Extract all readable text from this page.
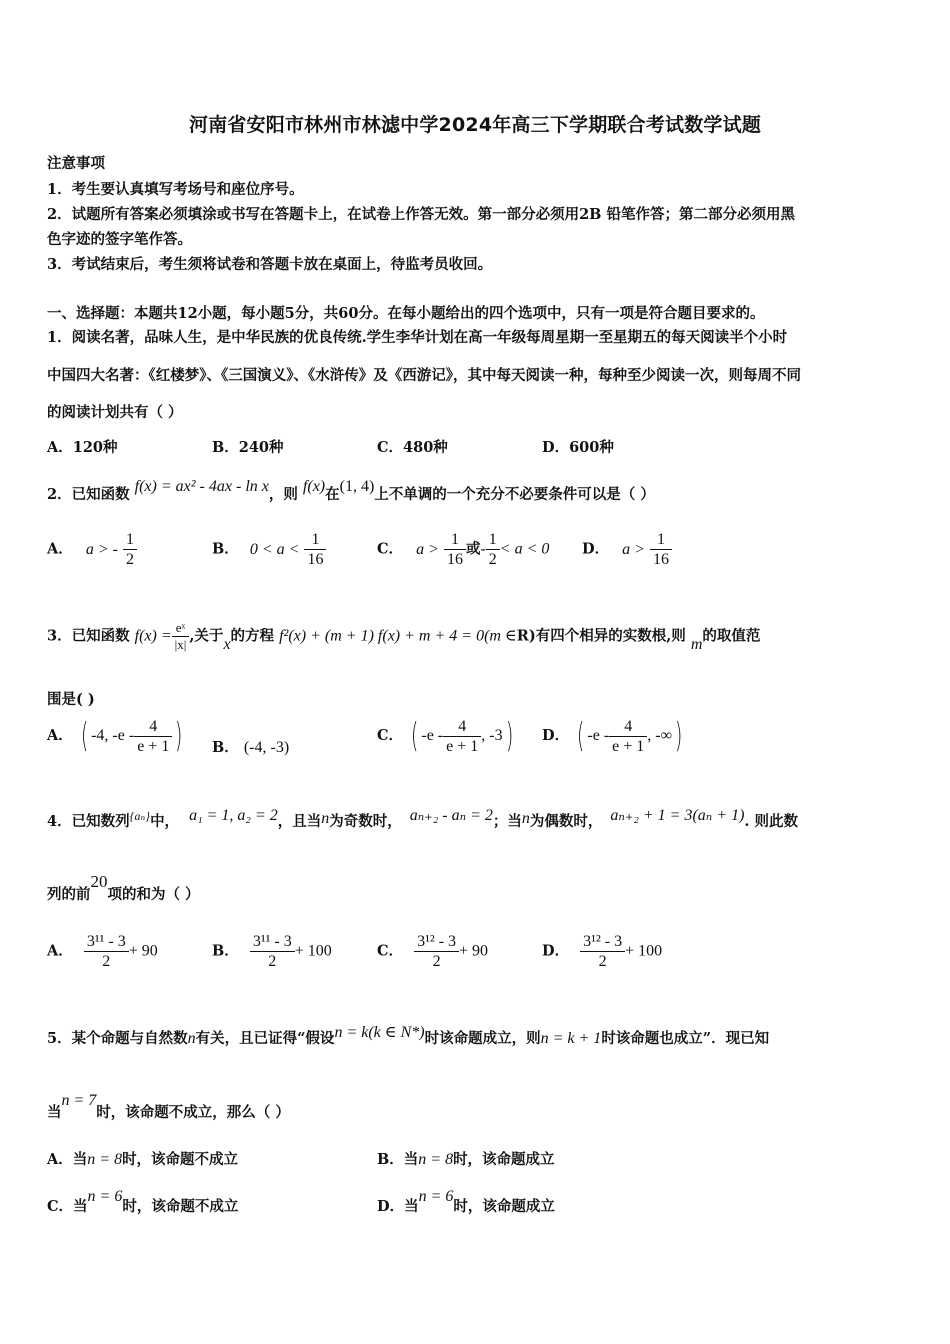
河南省安阳市林州市林滤中学2024年高三下学期联合考试数学试题
注意事项
1．考生要认真填写考场号和座位序号。
2．试题所有答案必须填涂或书写在答题卡上，在试卷上作答无效。第一部分必须用2B 铅笔作答；第二部分必须用黑
色字迹的签字笔作答。
3．考试结束后，考生须将试卷和答题卡放在桌面上，待监考员收回。
一、选择题：本题共12小题，每小题5分，共60分。在每小题给出的四个选项中，只有一项是符合题目要求的。
1．阅读名著，品味人生，是中华民族的优良传统.学生李华计划在高一年级每周星期一至星期五的每天阅读半个小时
中国四大名著：《红楼梦》、《三国演义》、《水浒传》及《西游记》，其中每天阅读一种，每种至少阅读一次，则每周不同
的阅读计划共有（ ）
A．120种	B．240种	C．480种	D．600种
2．已知函数 f(x) = ax² - 4ax - ln x，则 f(x)在(1, 4)上不单调的一个充分不必要条件可以是（ ）
A． a > - $\frac{1}{2}$	B． $0 < a < \frac{1}{16}$	C． $a > \frac{1}{16}$ 或- $\frac{1}{2} < a < 0$ D． $a > \frac{1}{16}$
3．已知函数 $f(x) = \frac{\text{eˣ}}{|x|}$ ,关于x的方程 f²(x) + (m + 1) f(x) + m + 4 = 0(m ∈R)有四个相异的实数根,则 m的取值范
围是( )
A． ( -4, $-e - \frac{4}{e + 1}$ ) B． (-4, -3)
C． ( $-e - \frac{4}{e + 1}$ , -3) D． ( $-e - \frac{4}{e + 1}$ , -∞)
4．已知数列$^{\{a_n\}}$中， a₁ = 1, a₂ = 2，且当n为奇数时， aₙ₊₂ - aₙ = 2；当n为偶数时， aₙ₊₂ + 1 = 3(aₙ + 1). 则此数
列的前20项的和为（ ）
A． $\frac{\text{3¹¹ - 3}}{2} + 90$	B． $\frac{\text{3¹¹ - 3}}{2} + 100$	C． $\frac{\text{3¹² - 3}}{2} + 90$	D． $\frac{\text{3¹² - 3}}{2} + 100$
5．某个命题与自然数n有关，且已证得“假设n = k(k ∈ N*)时该命题成立，则n = k + 1时该命题也成立”．现已知
当n = 7时，该命题不成立，那么（ ）
A．当n = 8时，该命题不成立	B．当n = 8时，该命题成立
C．当n = 6时，该命题不成立	D．当n = 6时，该命题成立
